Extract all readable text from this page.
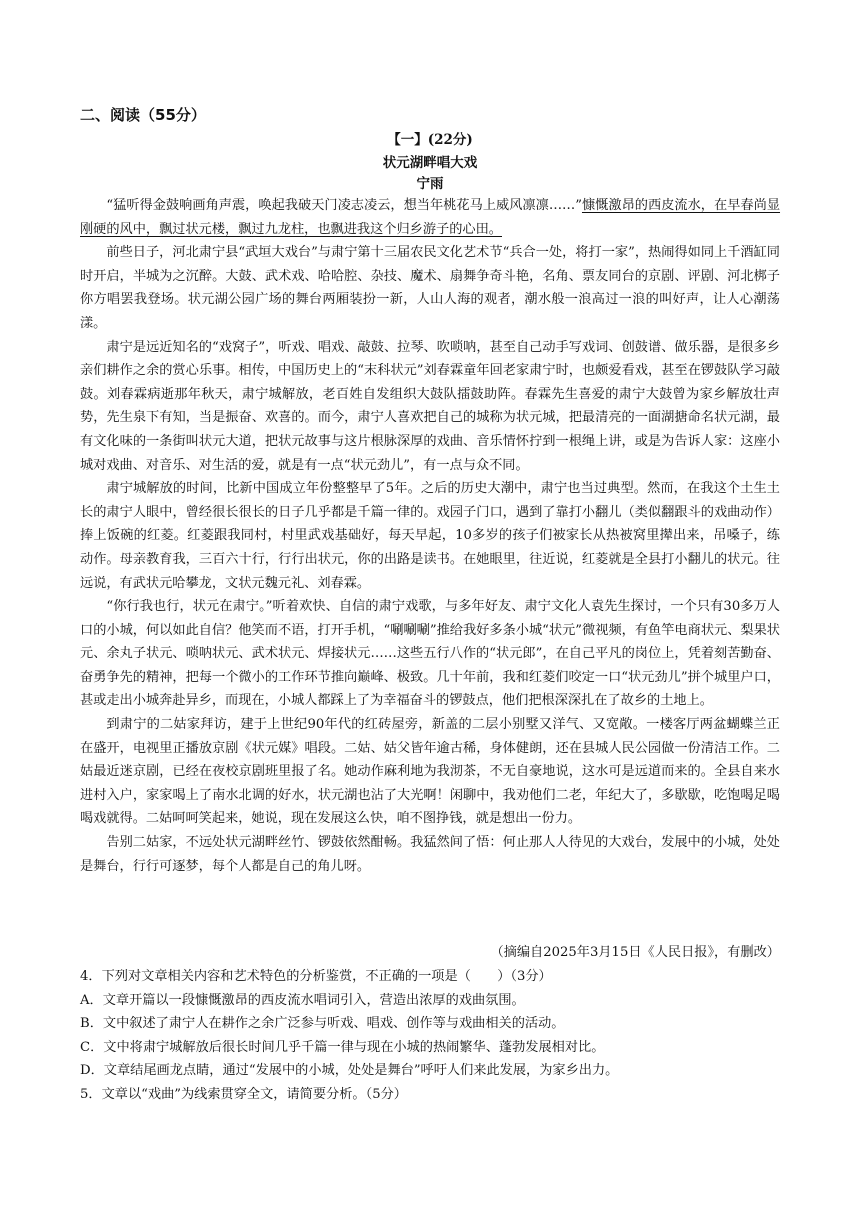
二、阅读（55分）
【一】(22分)
状元湖畔唱大戏
宁雨

“猛听得金鼓响画角声震，唤起我破天门凌志凌云，想当年桃花马上威风凛凛……”慷慨激昂的西皮流水，在早春尚显刚硬的风中，飘过状元楼，飘过九龙柱，也飘进我这个归乡游子的心田。

前些日子，河北肃宁县“武垣大戏台”与肃宁第十三届农民文化艺术节“兵合一处，将打一家”，热闹得如同上千酒缸同时开启，半城为之沉醉。大鼓、武术戏、哈哈腔、杂技、魔术、扇舞争奇斗艳，名角、票友同台的京剧、评剧、河北梆子你方唱罢我登场。状元湖公园广场的舞台两厢装扮一新，人山人海的观者，潮水般一浪高过一浪的叫好声，让人心潮荡漾。

肃宁是远近知名的“戏窝子”，听戏、唱戏、敲鼓、拉琴、吹唢呐，甚至自己动手写戏词、创鼓谱、做乐器，是很多乡亲们耕作之余的赏心乐事。相传，中国历史上的“末科状元”刘春霖童年回老家肃宁时，也颇爱看戏，甚至在锣鼓队学习敲鼓。刘春霖病逝那年秋天，肃宁城解放，老百姓自发组织大鼓队擂鼓助阵。春霖先生喜爱的肃宁大鼓曾为家乡解放壮声势，先生泉下有知，当是振奋、欢喜的。而今，肃宁人喜欢把自己的城称为状元城，把最清亮的一面湖搪命名状元湖，最有文化味的一条街叫状元大道，把状元故事与这片根脉深厚的戏曲、音乐情怀拧到一根绳上讲，或是为告诉人家：这座小城对戏曲、对音乐、对生活的爱，就是有一点“状元劲儿”，有一点与众不同。

肃宁城解放的时间，比新中国成立年份整整早了5年。之后的历史大潮中，肃宁也当过典型。然而，在我这个土生土长的肃宁人眼中，曾经很长很长的日子几乎都是千篇一律的。戏园子门口，遇到了靠打小翻儿（类似翻跟斗的戏曲动作）捧上饭碗的红菱。红菱跟我同村，村里武戏基础好，每天早起，10多岁的孩子们被家长从热被窝里撵出来，吊嗓子，练动作。母亲教育我，三百六十行，行行出状元，你的出路是读书。在她眼里，往近说，红菱就是全县打小翻儿的状元。往远说，有武状元哈攀龙，文状元魏元礼、刘春霖。

“你行我也行，状元在肃宁。”听着欢快、自信的肃宁戏歌，与多年好友、肃宁文化人袁先生探讨，一个只有30多万人口的小城，何以如此自信？他笑而不语，打开手机，“唰唰唰”推给我好多条小城“状元”微视频，有鱼竿电商状元、梨果状元、余丸子状元、唢呐状元、武术状元、焊接状元……这些五行八作的“状元郎”，在自己平凡的岗位上，凭着刻苦勤奋、奋勇争先的精神，把每一个微小的工作环节推向巅峰、极致。几十年前，我和红菱们咬定一口“状元劲儿”拼个城里户口，甚或走出小城奔赴异乡，而现在，小城人都踩上了为幸福奋斗的锣鼓点，他们把根深深扎在了故乡的土地上。

到肃宁的二姑家拜访，建于上世纪90年代的红砖屋旁，新盖的二层小别墅又洋气、又宽敞。一楼客厅两盆蝴蝶兰正在盛开，电视里正播放京剧《状元媒》唱段。二姑、姑父皆年逾古稀，身体健朗，还在县城人民公园做一份清洁工作。二姑最近迷京剧，已经在夜校京剧班里报了名。她动作麻利地为我沏茶，不无自豪地说，这水可是远道而来的。全县自来水进村入户，家家喝上了南水北调的好水，状元湖也沾了大光啊！闲聊中，我劝他们二老，年纪大了，多歇歇，吃饱喝足喝喝戏就得。二姑呵呵笑起来，她说，现在发展这么快，咱不图挣钱，就是想出一份力。

告别二姑家，不远处状元湖畔丝竹、锣鼓依然酣畅。我猛然间了悟：何止那人人待见的大戏台，发展中的小城，处处是舞台，行行可逐梦，每个人都是自己的角儿呀。

（摘编自2025年3月15日《人民日报》，有删改）
4．下列对文章相关内容和艺术特色的分析鉴赏，不正确的一项是（　　）（3分）
A．文章开篇以一段慷慨激昂的西皮流水唱词引入，营造出浓厚的戏曲氛围。
B．文中叙述了肃宁人在耕作之余广泛参与听戏、唱戏、创作等与戏曲相关的活动。
C．文中将肃宁城解放后很长时间几乎千篇一律与现在小城的热闹繁华、蓬勃发展相对比。
D．文章结尾画龙点睛，通过“发展中的小城，处处是舞台”呼吁人们来此发展，为家乡出力。
5．文章以“戏曲”为线索贯穿全文，请简要分析。（5分）
